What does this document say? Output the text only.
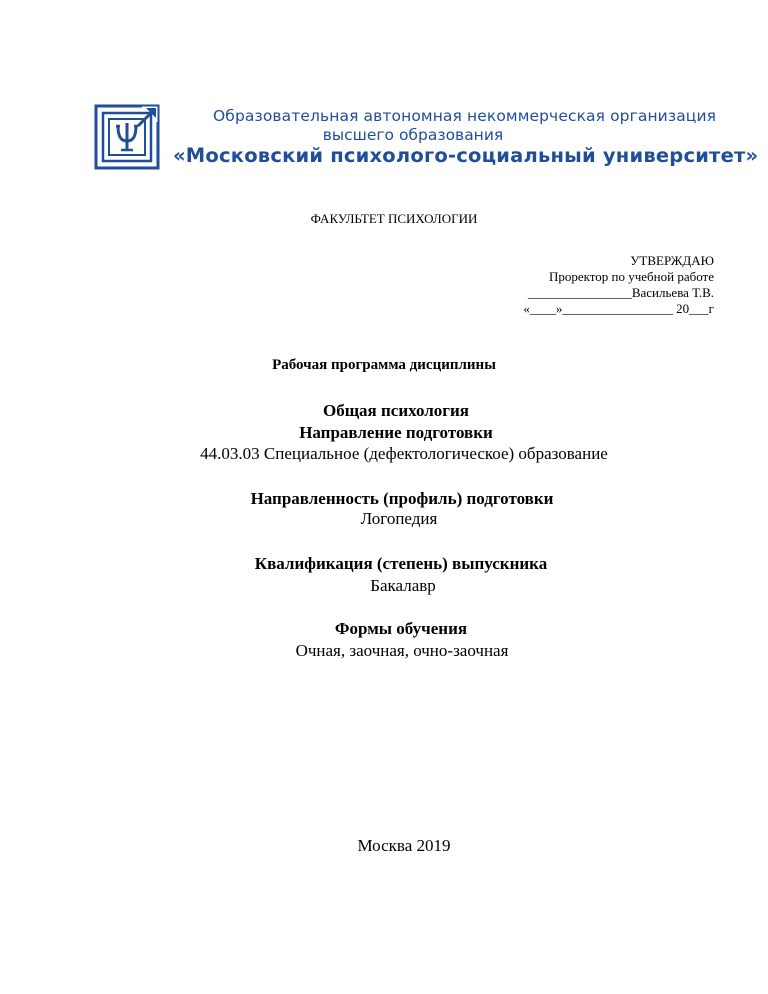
Образовательная автономная некоммерческая организация

высшего образования

«Московский психолого-социальный университет»

ФАКУЛЬТЕТ ПСИХОЛОГИИ
УТВЕРЖДАЮ
Проректор по учебной работе
________________Васильева Т.В.
«____»_________________ 20___г
Рабочая программа дисциплины
Общая психология
Направление подготовки
44.03.03 Специальное (дефектологическое) образование
Направленность (профиль) подготовки
Логопедия
Квалификация (степень) выпускника
Бакалавр
Формы обучения
Очная, заочная, очно-заочная
Москва 2019
